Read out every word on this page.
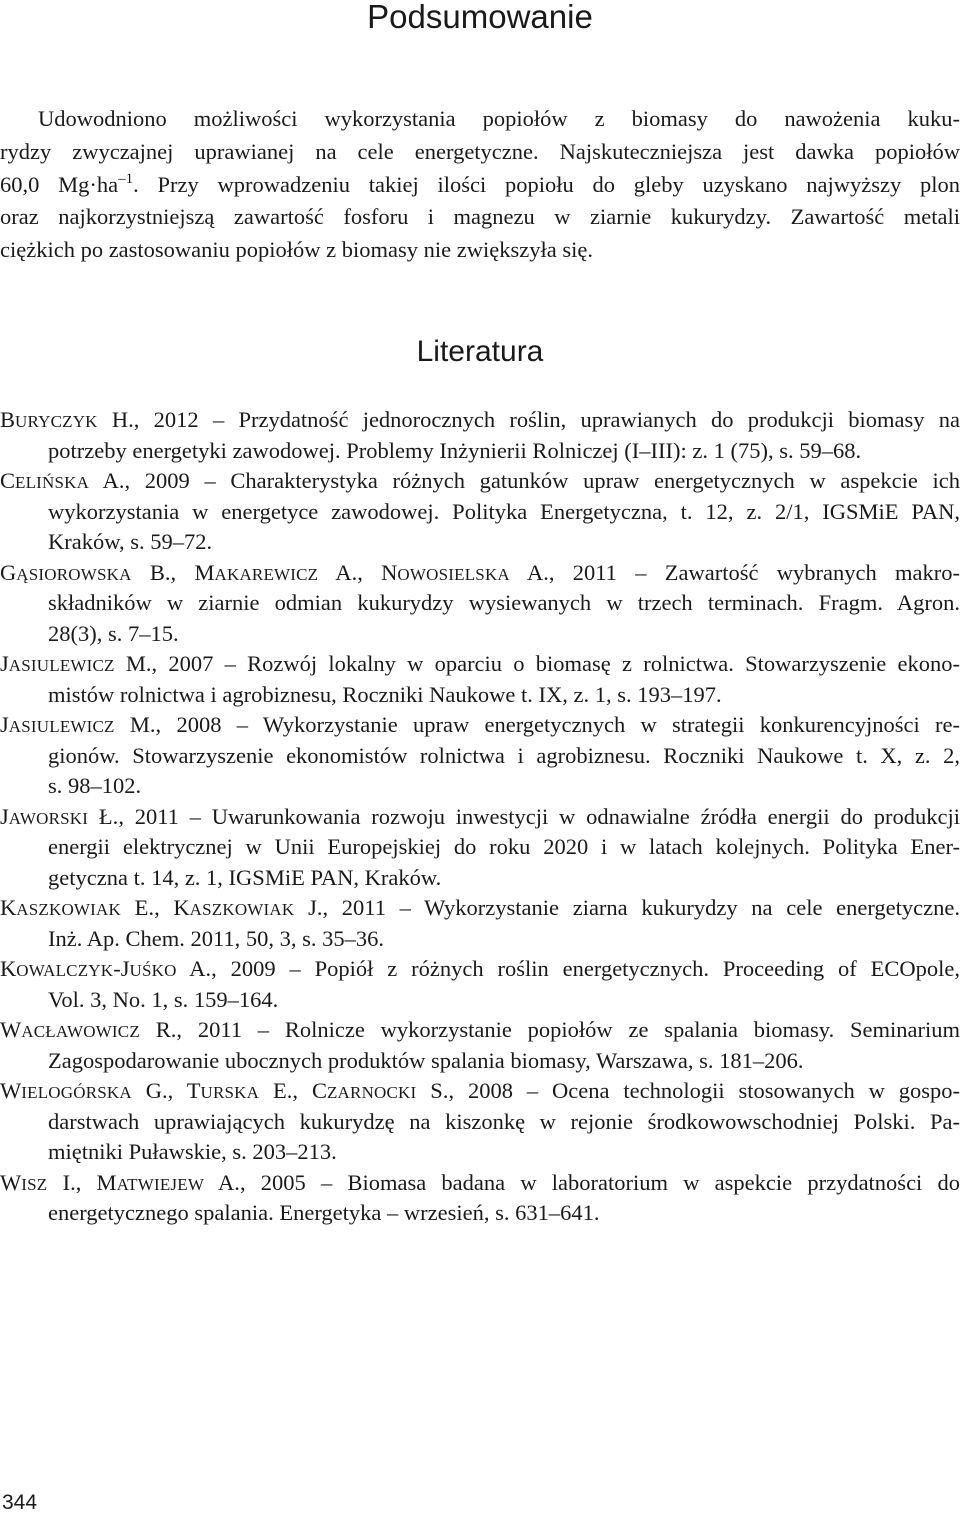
Podsumowanie
Udowodniono możliwości wykorzystania popiołów z biomasy do nawożenia kuku-
rydzy zwyczajnej uprawianej na cele energetyczne. Najskuteczniejsza jest dawka popiołów
60,0 $Mg\cdot ha^{-1}$. Przy wprowadzeniu takiej ilości popiołu do gleby uzyskano najwyższy plon
oraz najkorzystniejszą zawartość fosforu i magnezu w ziarnie kukurydzy. Zawartość metali
ciężkich po zastosowaniu popiołów z biomasy nie zwiększyła się.
Literatura
BURYCZYK H., 2012 – Przydatność jednorocznych roślin, uprawianych do produkcji biomasy na
potrzeby energetyki zawodowej. Problemy Inżynierii Rolniczej (I–III): z. 1 (75), s. 59–68.
CELIŃSKA A., 2009 – Charakterystyka różnych gatunków upraw energetycznych w aspekcie ich
wykorzystania w energetyce zawodowej. Polityka Energetyczna, t. 12, z. 2/1, IGSMiE PAN,
Kraków, s. 59–72.
GĄSIOROWSKA B., MAKAREWICZ A., NOWOSIELSKA A., 2011 – Zawartość wybranych makro-
składników w ziarnie odmian kukurydzy wysiewanych w trzech terminach. Fragm. Agron.
28(3), s. 7–15.
JASIULEWICZ M., 2007 – Rozwój lokalny w oparciu o biomasę z rolnictwa. Stowarzyszenie ekono-
mistów rolnictwa i agrobiznesu, Roczniki Naukowe t. IX, z. 1, s. 193–197.
JASIULEWICZ M., 2008 – Wykorzystanie upraw energetycznych w strategii konkurencyjności re-
gionów. Stowarzyszenie ekonomistów rolnictwa i agrobiznesu. Roczniki Naukowe t. X, z. 2,
s. 98–102.
JAWORSKI Ł., 2011 – Uwarunkowania rozwoju inwestycji w odnawialne źródła energii do produkcji
energii elektrycznej w Unii Europejskiej do roku 2020 i w latach kolejnych. Polityka Ener-
getyczna t. 14, z. 1, IGSMiE PAN, Kraków.
KASZKOWIAK E., KASZKOWIAK J., 2011 – Wykorzystanie ziarna kukurydzy na cele energetyczne.
Inż. Ap. Chem. 2011, 50, 3, s. 35–36.
KOWALCZYK-JUŚKO A., 2009 – Popiół z różnych roślin energetycznych. Proceeding of ECOpole,
Vol. 3, No. 1, s. 159–164.
WACŁAWOWICZ R., 2011 – Rolnicze wykorzystanie popiołów ze spalania biomasy. Seminarium
Zagospodarowanie ubocznych produktów spalania biomasy, Warszawa, s. 181–206.
WIELOGÓRSKA G., TURSKA E., CZARNOCKI S., 2008 – Ocena technologii stosowanych w gospo-
darstwach uprawiających kukurydzę na kiszonkę w rejonie środkowowschodniej Polski. Pa-
miętniki Puławskie, s. 203–213.
WISZ I., MATWIEJEW A., 2005 – Biomasa badana w laboratorium w aspekcie przydatności do
energetycznego spalania. Energetyka – wrzesień, s. 631–641.
344
